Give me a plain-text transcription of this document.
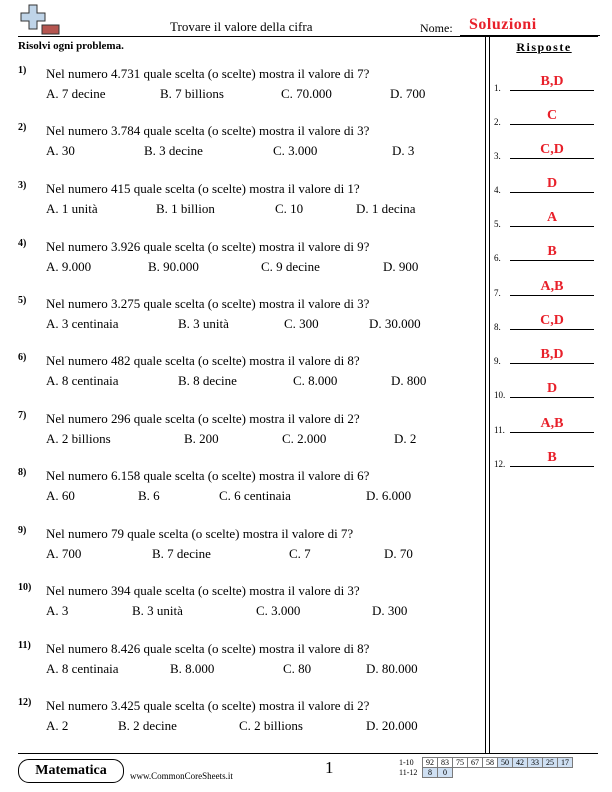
Trovare il valore della cifra	Nome: Soluzioni
Risolvi ogni problema.	Risposte
1.	B,D
2.	C
3.	C,D
4.	D
5.	A
6.	B
7.	A,B
8.	C,D
9.	B,D
10.	D
11.	A,B
12.	B
1) Nel numero 4.731 quale scelta (o scelte) mostra il valore di 7?
A. 7 decine	B. 7 billions	C. 70.000	D. 700
2) Nel numero 3.784 quale scelta (o scelte) mostra il valore di 3?
A. 30	B. 3 decine	C. 3.000	D. 3
3) Nel numero 415 quale scelta (o scelte) mostra il valore di 1?
A. 1 unità	B. 1 billion	C. 10	D. 1 decina
4) Nel numero 3.926 quale scelta (o scelte) mostra il valore di 9?
A. 9.000	B. 90.000	C. 9 decine	D. 900
5) Nel numero 3.275 quale scelta (o scelte) mostra il valore di 3?
A. 3 centinaia	B. 3 unità	C. 300	D. 30.000
6) Nel numero 482 quale scelta (o scelte) mostra il valore di 8?
A. 8 centinaia	B. 8 decine	C. 8.000	D. 800
7) Nel numero 296 quale scelta (o scelte) mostra il valore di 2?
A. 2 billions	B. 200	C. 2.000	D. 2
8) Nel numero 6.158 quale scelta (o scelte) mostra il valore di 6?
A. 60	B. 6	C. 6 centinaia	D. 6.000
9) Nel numero 79 quale scelta (o scelte) mostra il valore di 7?
A. 700	B. 7 decine	C. 7	D. 70
10) Nel numero 394 quale scelta (o scelte) mostra il valore di 3?
A. 3	B. 3 unità	C. 3.000	D. 300
11) Nel numero 8.426 quale scelta (o scelte) mostra il valore di 8?
A. 8 centinaia	B. 8.000	C. 80	D. 80.000
12) Nel numero 3.425 quale scelta (o scelte) mostra il valore di 2?
A. 2	B. 2 decine	C. 2 billions	D. 20.000
Matematica	www.CommonCoreSheets.it	1	1-10	92	83	75	67	58	50	42	33	25	17
11-12	8	0								
